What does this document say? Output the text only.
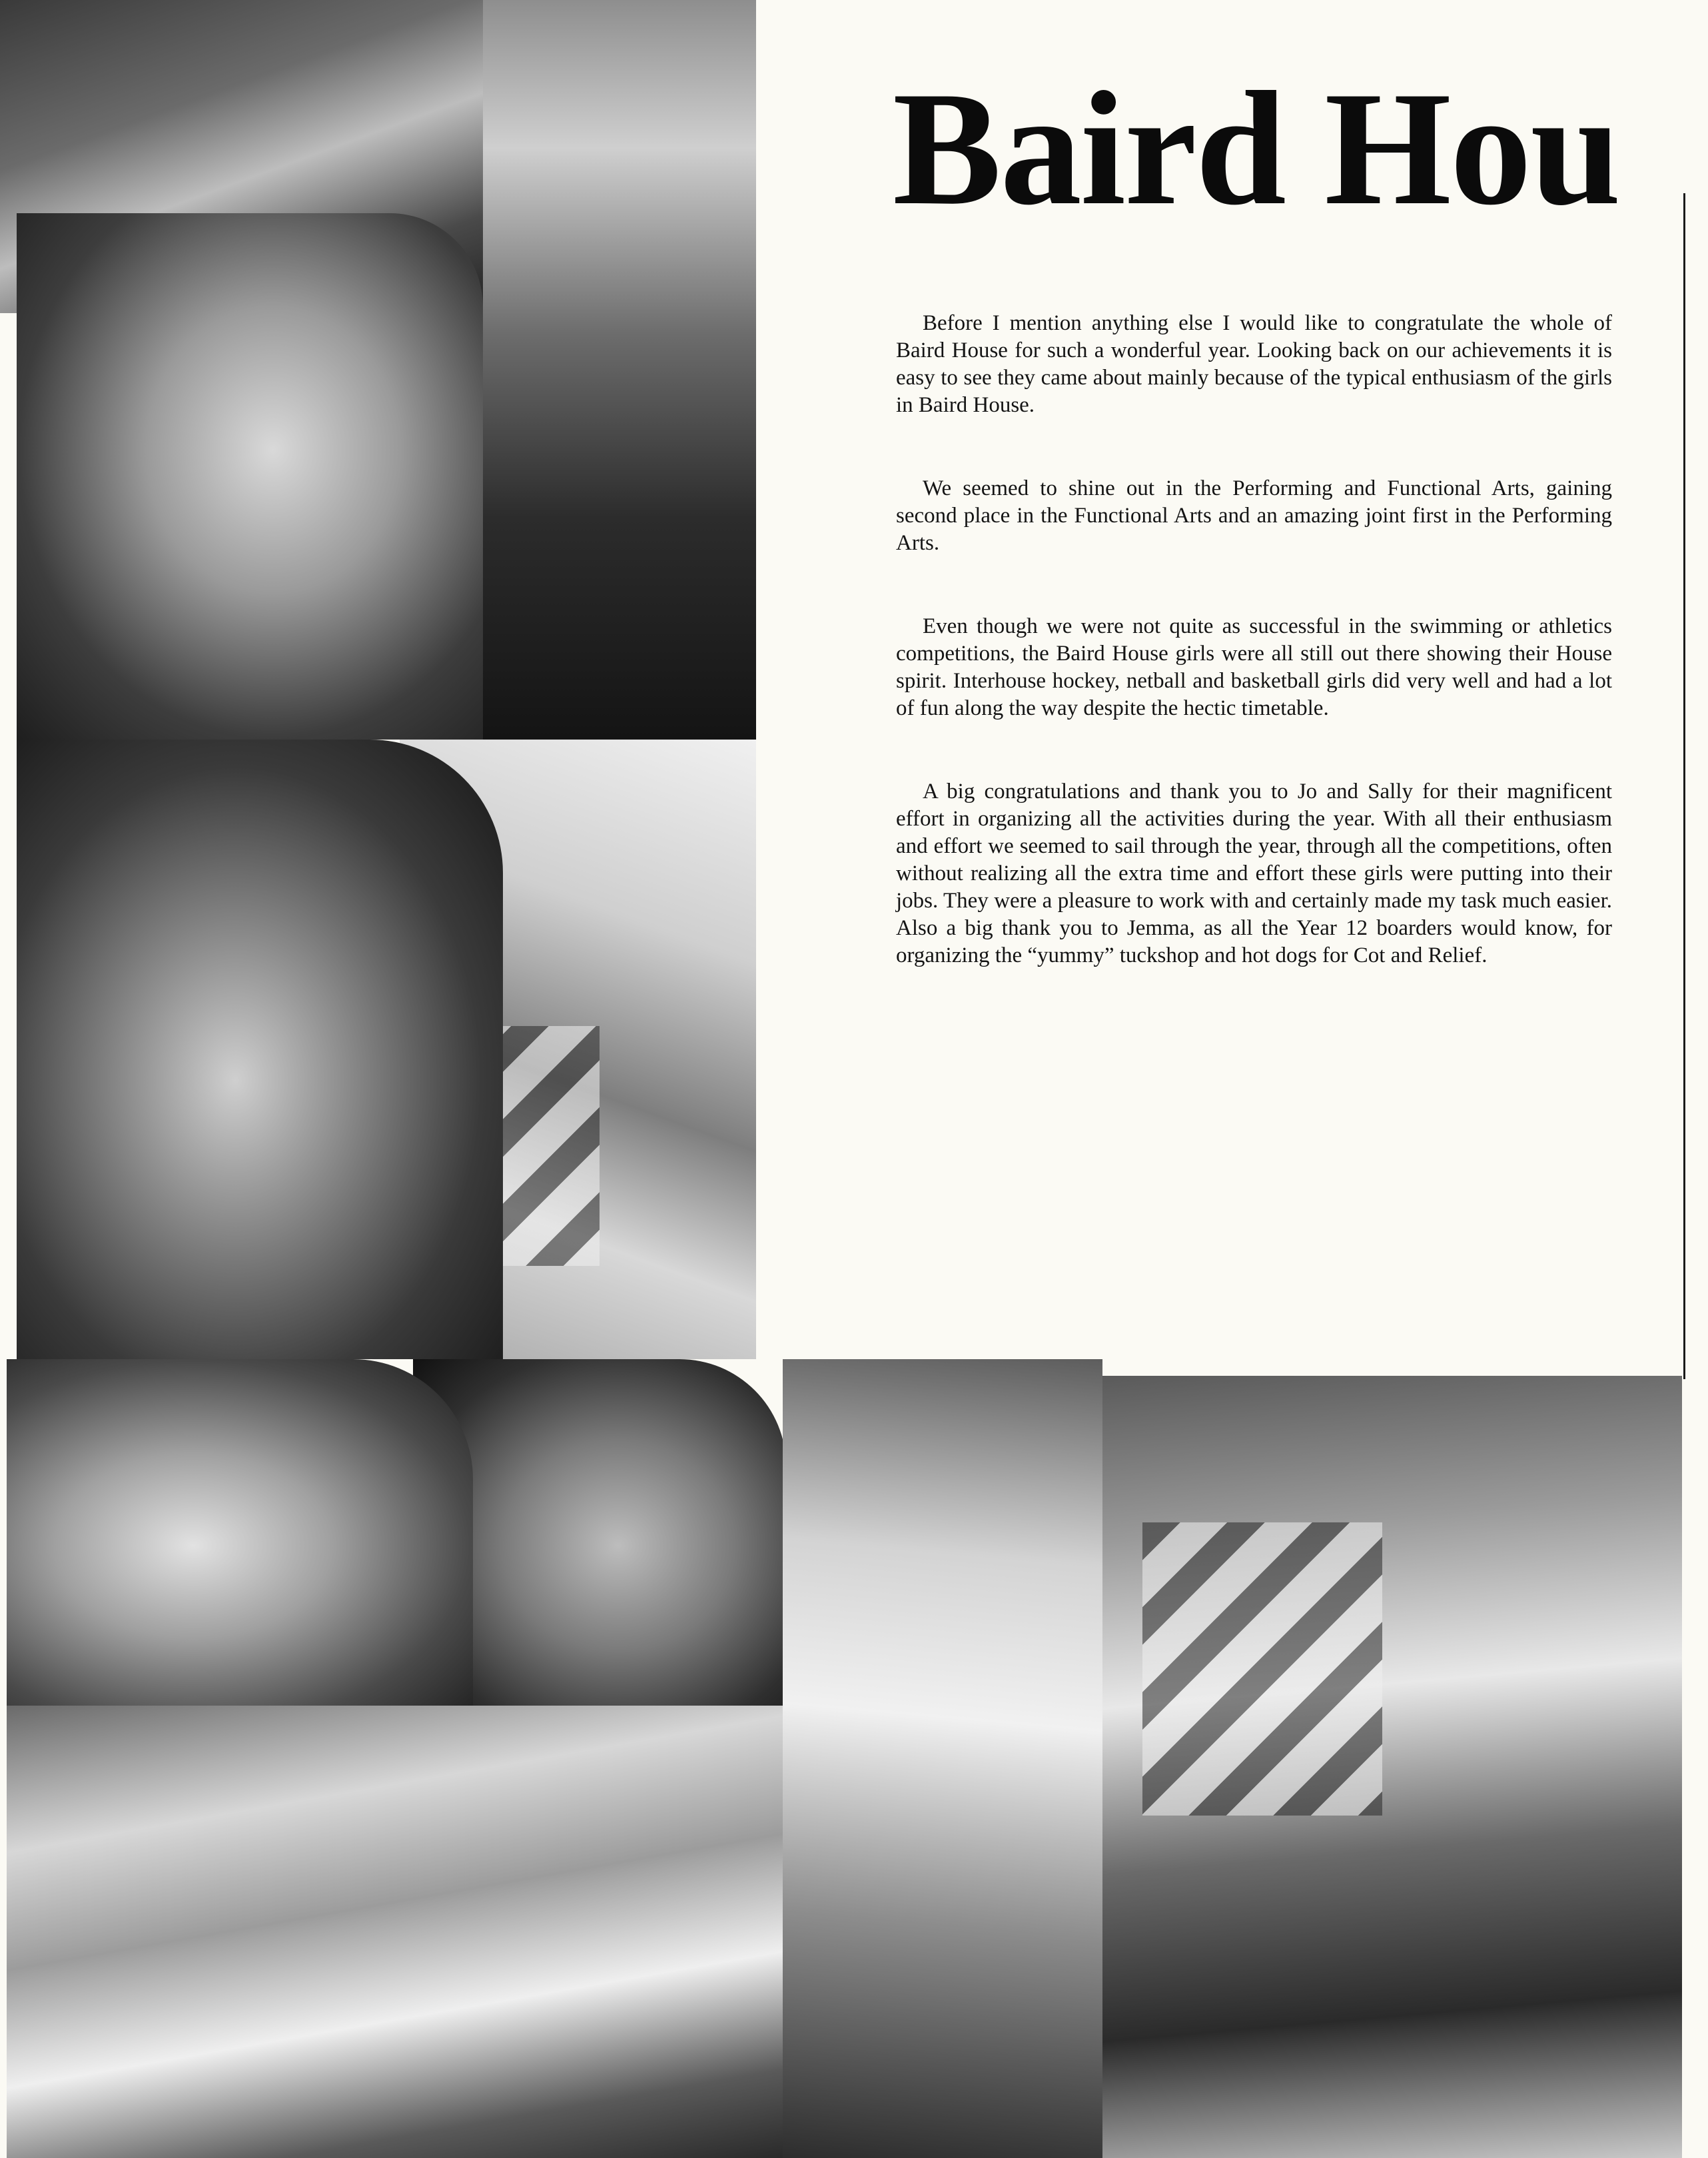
Baird Hou

Before I mention anything else I would like to congratulate the whole of Baird House for such a wonderful year. Looking back on our achievements it is easy to see they came about mainly because of the typical enthusiasm of the girls in Baird House.

We seemed to shine out in the Performing and Functional Arts, gaining second place in the Functional Arts and an amazing joint first in the Performing Arts.

Even though we were not quite as successful in the swimming or athletics competitions, the Baird House girls were all still out there showing their House spirit. Interhouse hockey, netball and basketball girls did very well and had a lot of fun along the way despite the hectic timetable.

A big congratulations and thank you to Jo and Sally for their magnificent effort in organizing all the activities during the year. With all their enthusiasm and effort we seemed to sail through the year, through all the competitions, often without realizing all the extra time and effort these girls were putting into their jobs. They were a pleasure to work with and certainly made my task much easier. Also a big thank you to Jemma, as all the Year 12 boarders would know, for organizing the “yummy” tuckshop and hot dogs for Cot and Relief.
